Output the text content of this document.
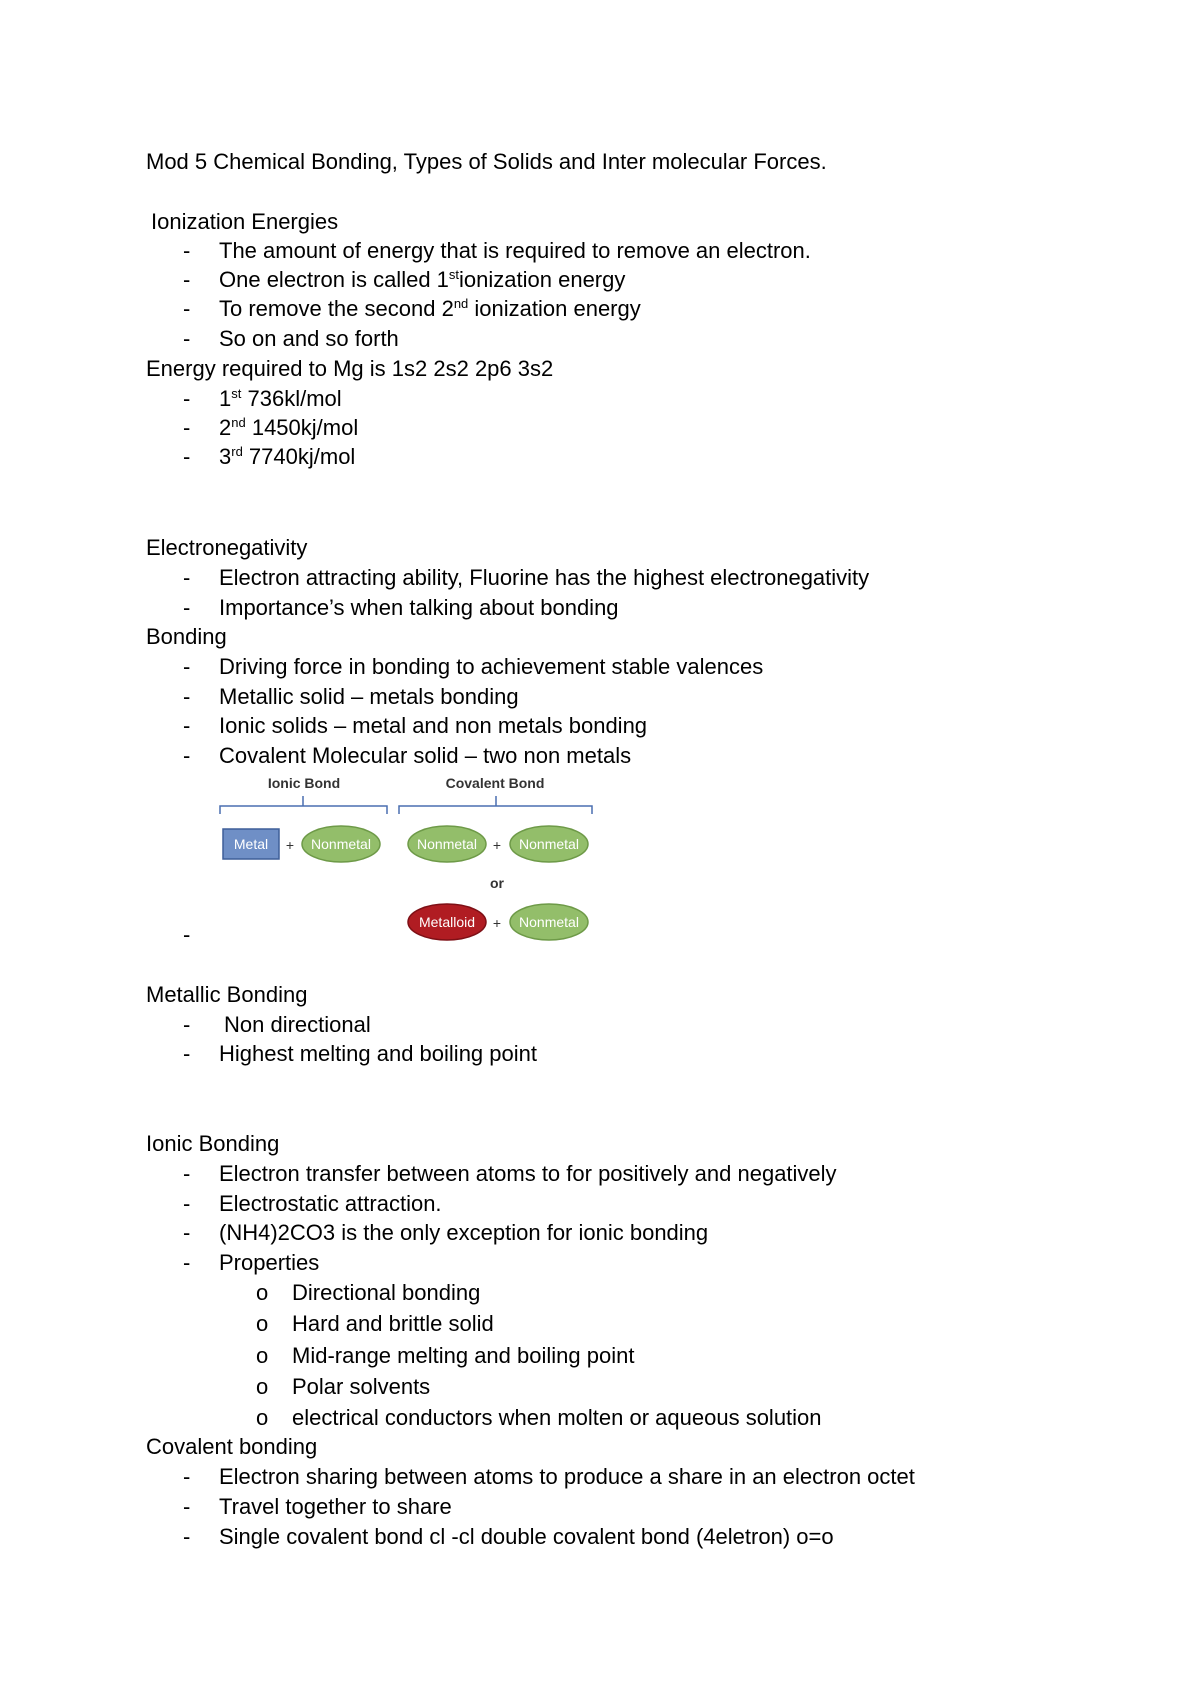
Mod 5 Chemical Bonding, Types of Solids and Inter molecular Forces.
Ionization Energies
- The amount of energy that is required to remove an electron.
- One electron is called 1stionization energy
- To remove the second 2nd ionization energy
- So on and so forth
Energy required to Mg is 1s2 2s2 2p6 3s2
- 1st 736kl/mol
- 2nd 1450kj/mol
- 3rd 7740kj/mol
Electronegativity
- Electron attracting ability, Fluorine has the highest electronegativity
- Importance’s when talking about bonding
Bonding
- Driving force in bonding to achievement stable valences
- Metallic solid – metals bonding
- Ionic solids – metal and non metals bonding
- Covalent Molecular solid – two non metals
Ionic Bond	Covalent Bond
Metal + Nonmetal	Nonmetal + Nonmetal
or
Metalloid + Nonmetal
-
Metallic Bonding
- Non directional
- Highest melting and boiling point
Ionic Bonding
- Electron transfer between atoms to for positively and negatively
- Electrostatic attraction.
- (NH4)2CO3 is the only exception for ionic bonding
- Properties
o Directional bonding
o Hard and brittle solid
o Mid-range melting and boiling point
o Polar solvents
o electrical conductors when molten or aqueous solution
Covalent bonding
- Electron sharing between atoms to produce a share in an electron octet
- Travel together to share
- Single covalent bond cl -cl double covalent bond (4eletron) o=o
